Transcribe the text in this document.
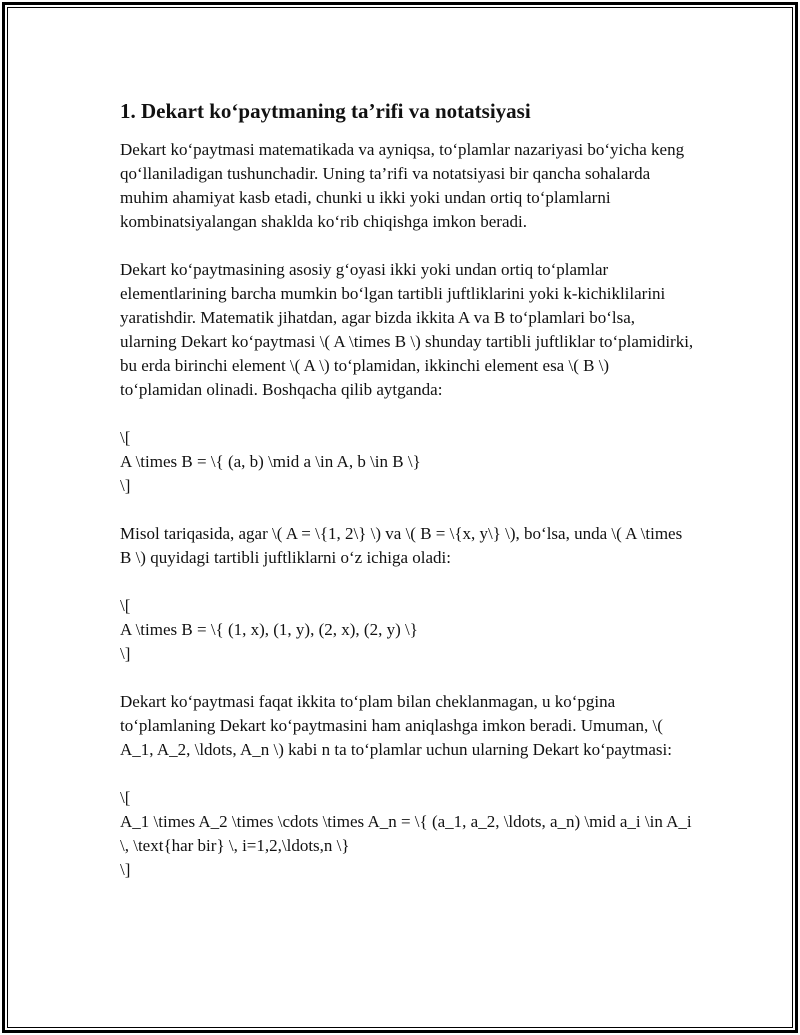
1. Dekart ko‘paytmaning ta’rifi va notatsiyasi

Dekart ko‘paytmasi matematikada va ayniqsa, to‘plamlar nazariyasi bo‘yicha keng qo‘llaniladigan tushunchadir. Uning ta’rifi va notatsiyasi bir qancha sohalarda muhim ahamiyat kasb etadi, chunki u ikki yoki undan ortiq to‘plamlarni kombinatsiyalangan shaklda ko‘rib chiqishga imkon beradi.

Dekart ko‘paytmasining asosiy g‘oyasi ikki yoki undan ortiq to‘plamlar elementlarining barcha mumkin bo‘lgan tartibli juftliklarini yoki k-kichiklilarini yaratishdir. Matematik jihatdan, agar bizda ikkita A va B to‘plamlari bo‘lsa, ularning Dekart ko‘paytmasi \( A \times B \) shunday tartibli juftliklar to‘plamidirki, bu erda birinchi element \( A \) to‘plamidan, ikkinchi element esa \( B \) to‘plamidan olinadi. Boshqacha qilib aytganda:

\[
A \times B = \{ (a, b) \mid a \in A, b \in B \}
\]

Misol tariqasida, agar \( A = \{1, 2\} \) va \( B = \{x, y\} \), bo‘lsa, unda \( A \times B \) quyidagi tartibli juftliklarni o‘z ichiga oladi:

\[
A \times B = \{ (1, x), (1, y), (2, x), (2, y) \}
\]

Dekart ko‘paytmasi faqat ikkita to‘plam bilan cheklanmagan, u ko‘pgina to‘plamlaning Dekart ko‘paytmasini ham aniqlashga imkon beradi. Umuman, \( A_1, A_2, \ldots, A_n \) kabi n ta to‘plamlar uchun ularning Dekart ko‘paytmasi:

\[
A_1 \times A_2 \times \cdots \times A_n = \{ (a_1, a_2, \ldots, a_n) \mid a_i \in A_i \, \text{har bir} \, i=1,2,\ldots,n \}
\]
